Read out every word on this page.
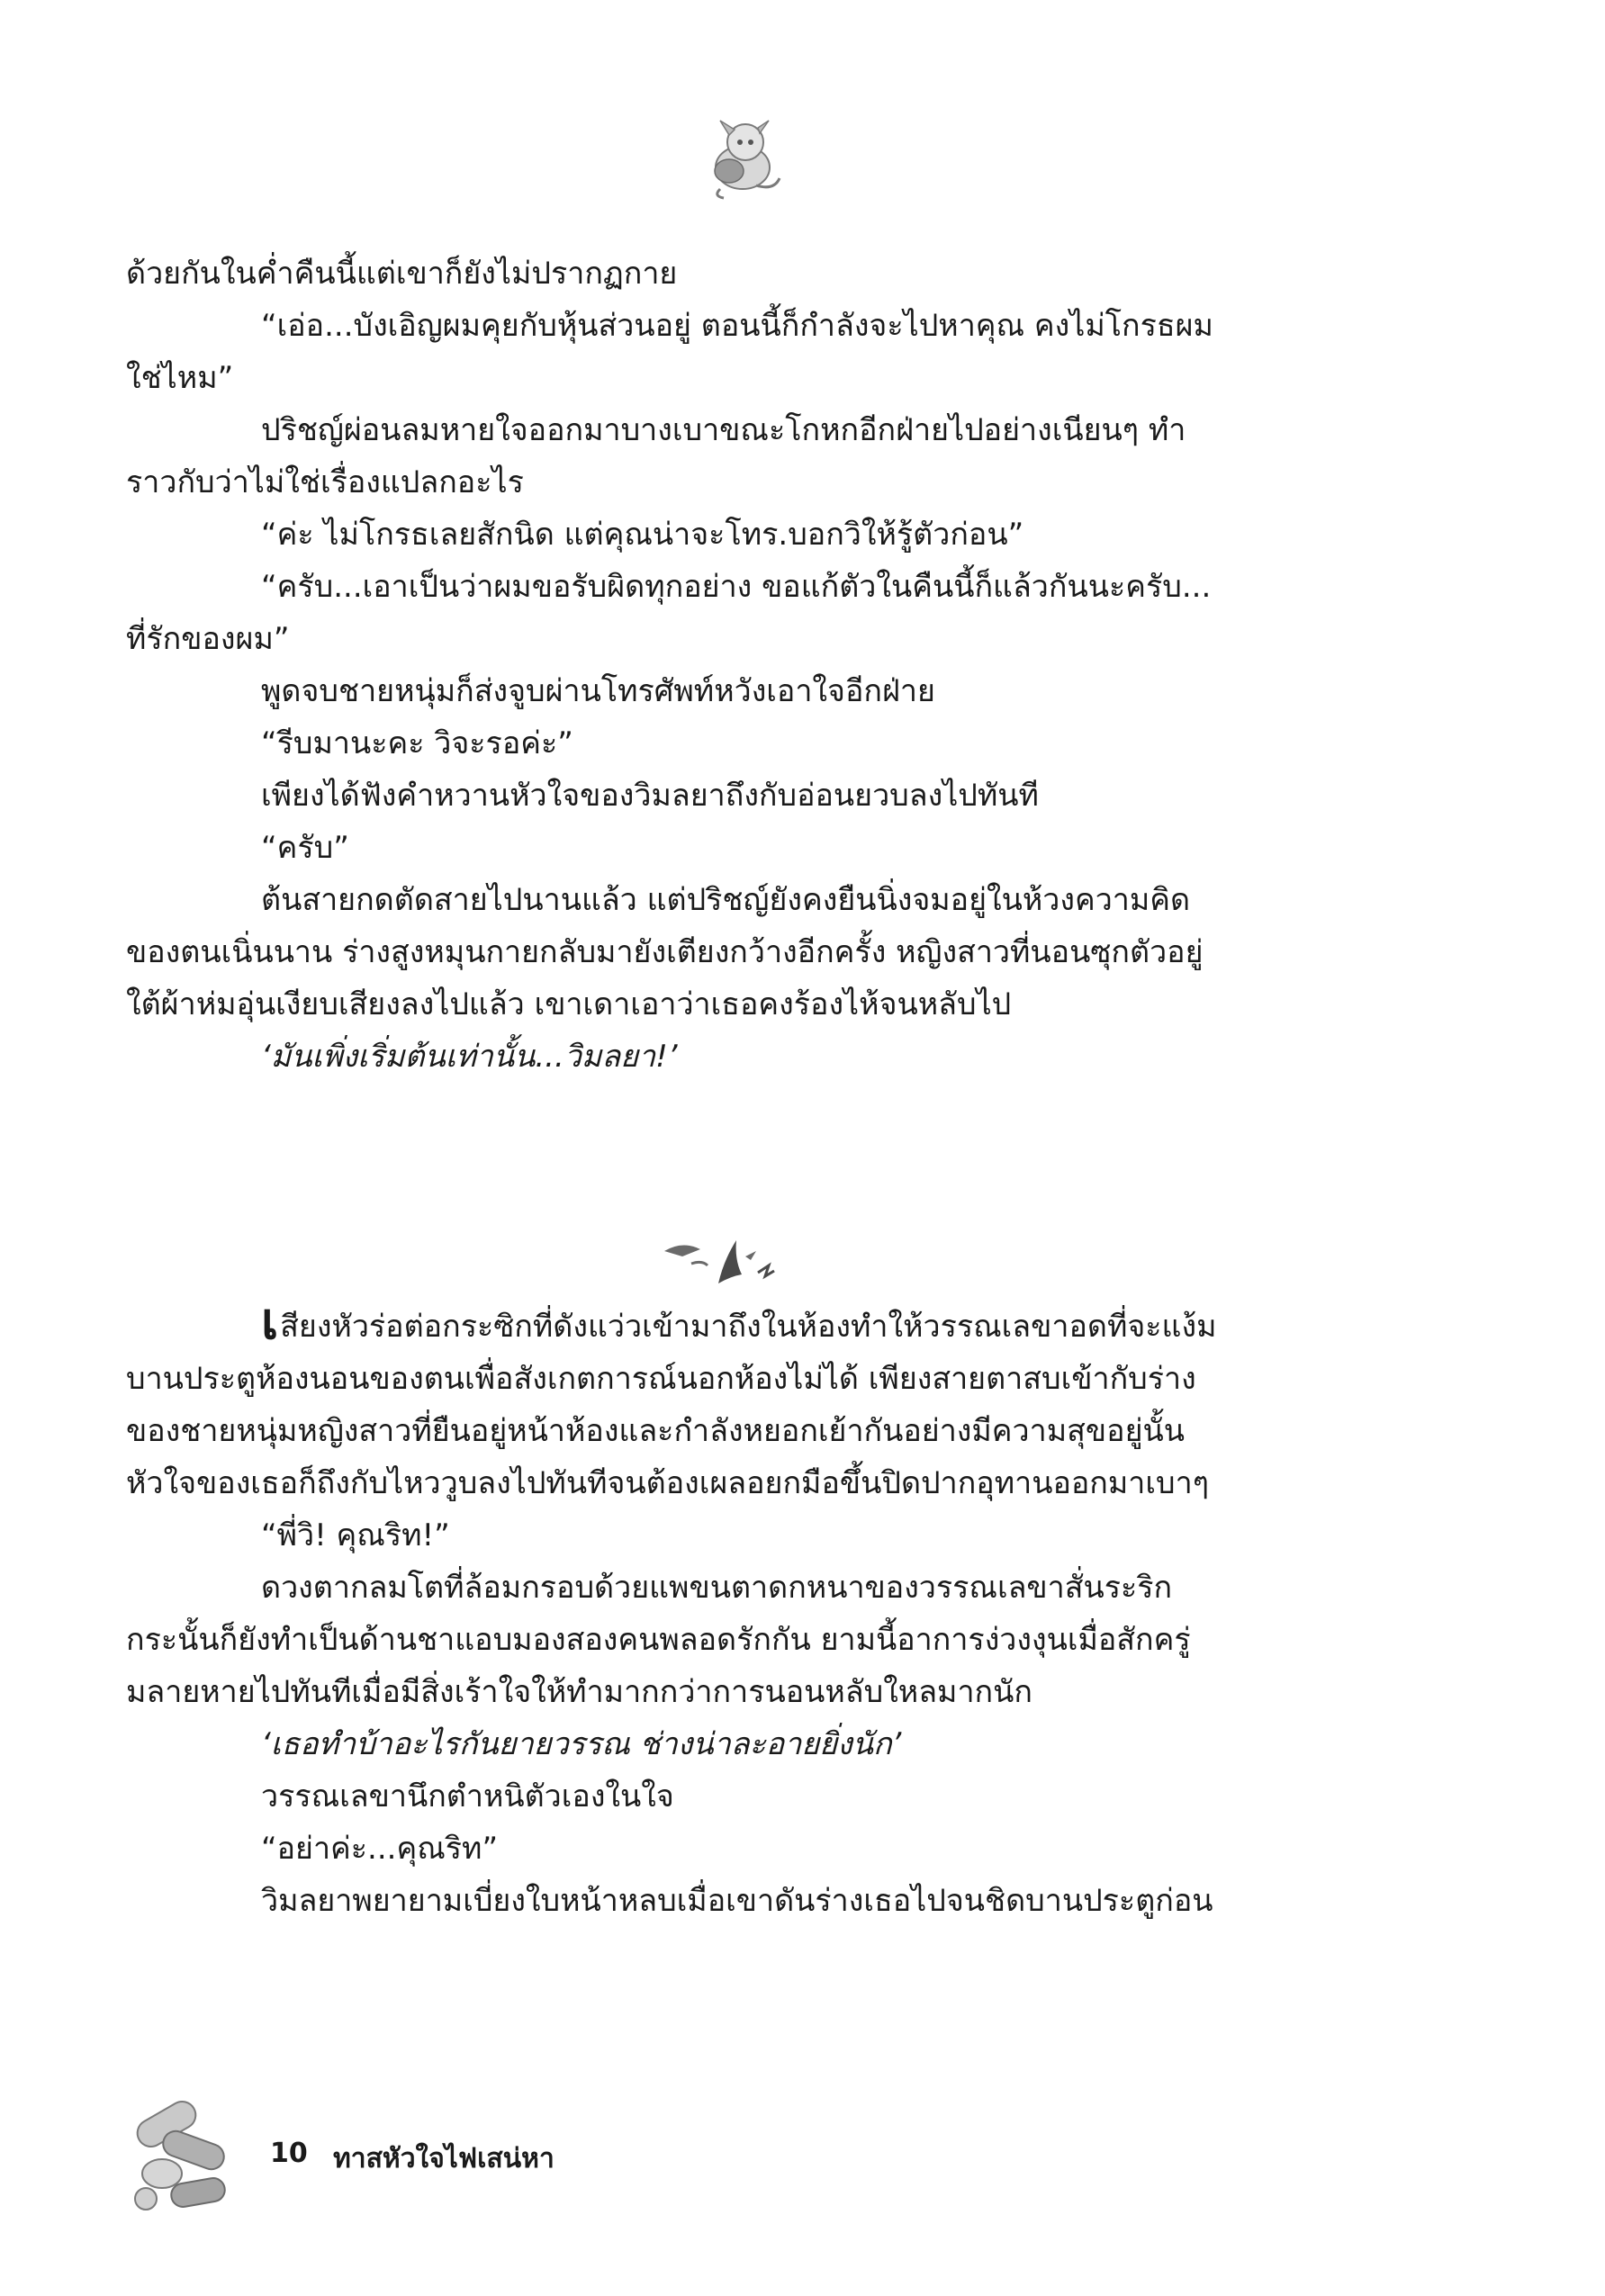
ด้วยกันในค่ำคืนนี้แต่เขาก็ยังไม่ปรากฏกาย

“เอ่อ...บังเอิญผมคุยกับหุ้นส่วนอยู่ ตอนนี้ก็กำลังจะไปหาคุณ คงไม่โกรธผม

ใช่ไหม”

ปริชญ์ผ่อนลมหายใจออกมาบางเบาขณะโกหกอีกฝ่ายไปอย่างเนียนๆ ทำ

ราวกับว่าไม่ใช่เรื่องแปลกอะไร

“ค่ะ ไม่โกรธเลยสักนิด แต่คุณน่าจะโทร.บอกวิให้รู้ตัวก่อน”

“ครับ...เอาเป็นว่าผมขอรับผิดทุกอย่าง ขอแก้ตัวในคืนนี้ก็แล้วกันนะครับ...

ที่รักของผม”

พูดจบชายหนุ่มก็ส่งจูบผ่านโทรศัพท์หวังเอาใจอีกฝ่าย

“รีบมานะคะ วิจะรอค่ะ”

เพียงได้ฟังคำหวานหัวใจของวิมลยาถึงกับอ่อนยวบลงไปทันที

“ครับ”

ต้นสายกดตัดสายไปนานแล้ว แต่ปริชญ์ยังคงยืนนิ่งจมอยู่ในห้วงความคิด

ของตนเนิ่นนาน ร่างสูงหมุนกายกลับมายังเตียงกว้างอีกครั้ง หญิงสาวที่นอนซุกตัวอยู่

ใต้ผ้าห่มอุ่นเงียบเสียงลงไปแล้ว เขาเดาเอาว่าเธอคงร้องไห้จนหลับไป

‘มันเพิ่งเริ่มต้นเท่านั้น...วิมลยา!’

เสียงหัวร่อต่อกระซิกที่ดังแว่วเข้ามาถึงในห้องทำให้วรรณเลขาอดที่จะแง้ม

บานประตูห้องนอนของตนเพื่อสังเกตการณ์นอกห้องไม่ได้ เพียงสายตาสบเข้ากับร่าง

ของชายหนุ่มหญิงสาวที่ยืนอยู่หน้าห้องและกำลังหยอกเย้ากันอย่างมีความสุขอยู่นั้น

หัวใจของเธอก็ถึงกับไหววูบลงไปทันทีจนต้องเผลอยกมือขึ้นปิดปากอุทานออกมาเบาๆ

“พี่วิ! คุณริท!”

ดวงตากลมโตที่ล้อมกรอบด้วยแพขนตาดกหนาของวรรณเลขาสั่นระริก

กระนั้นก็ยังทำเป็นด้านชาแอบมองสองคนพลอดรักกัน ยามนี้อาการง่วงงุนเมื่อสักครู่

มลายหายไปทันทีเมื่อมีสิ่งเร้าใจให้ทำมากกว่าการนอนหลับใหลมากนัก

‘เธอทำบ้าอะไรกันยายวรรณ ช่างน่าละอายยิ่งนัก’

วรรณเลขานึกตำหนิตัวเองในใจ

“อย่าค่ะ...คุณริท”

วิมลยาพยายามเบี่ยงใบหน้าหลบเมื่อเขาดันร่างเธอไปจนชิดบานประตูก่อน

10 ทาสหัวใจไฟเสน่หา
